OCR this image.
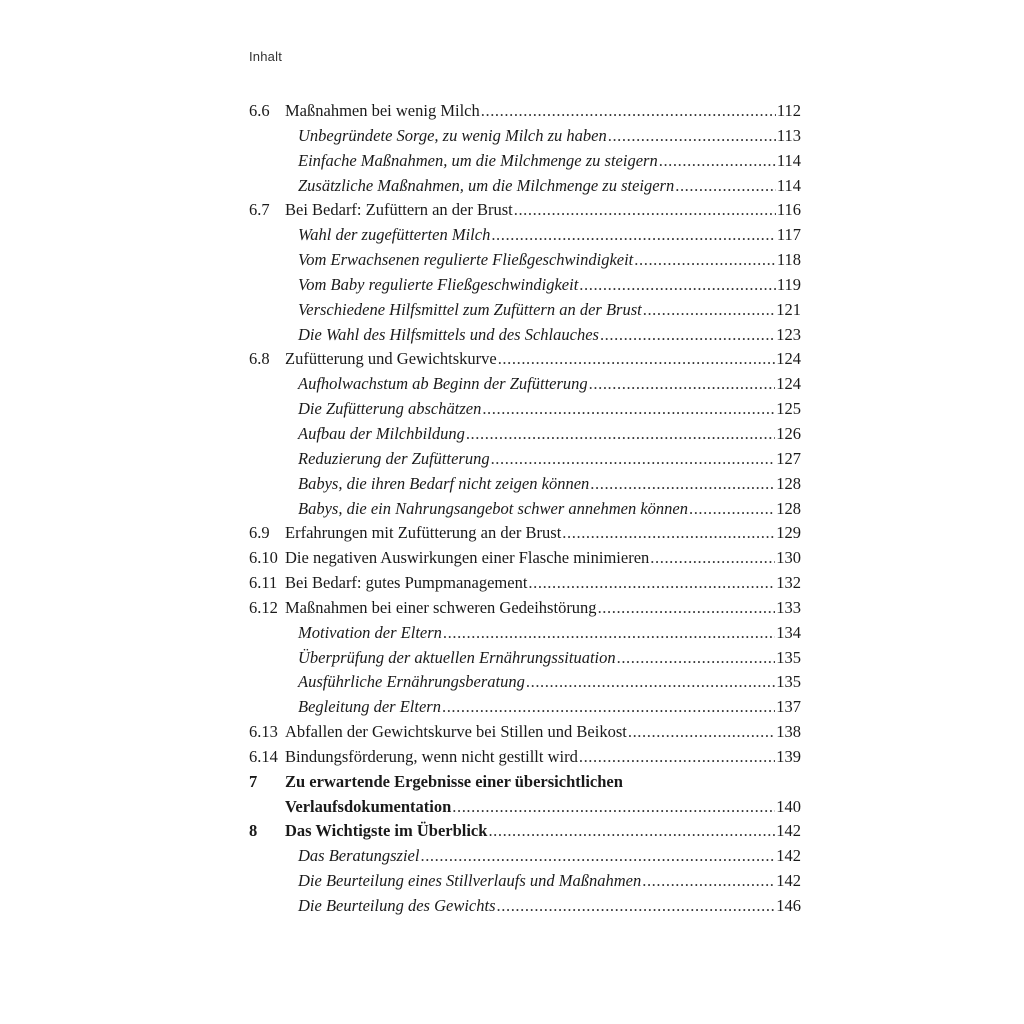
Inhalt
6.6 Maßnahmen bei wenig Milch .....	112
Unbegründete Sorge, zu wenig Milch zu haben .....	113
Einfache Maßnahmen, um die Milchmenge zu steigern .....	114
Zusätzliche Maßnahmen, um die Milchmenge zu steigern .....	114
6.7 Bei Bedarf: Zufüttern an der Brust .....	116
Wahl der zugefütterten Milch .....	117
Vom Erwachsenen regulierte Fließgeschwindigkeit .....	118
Vom Baby regulierte Fließgeschwindigkeit .....	119
Verschiedene Hilfsmittel zum Zufüttern an der Brust .....	121
Die Wahl des Hilfsmittels und des Schlauches .....	123
6.8 Zufütterung und Gewichtskurve .....	124
Aufholwachstum ab Beginn der Zufütterung .....	124
Die Zufütterung abschätzen .....	125
Aufbau der Milchbildung .....	126
Reduzierung der Zufütterung .....	127
Babys, die ihren Bedarf nicht zeigen können .....	128
Babys, die ein Nahrungsangebot schwer annehmen können .....	128
6.9 Erfahrungen mit Zufütterung an der Brust .....	129
6.10 Die negativen Auswirkungen einer Flasche minimieren .....	130
6.11 Bei Bedarf: gutes Pumpmanagement .....	132
6.12 Maßnahmen bei einer schweren Gedeihstörung .....	133
Motivation der Eltern .....	134
Überprüfung der aktuellen Ernährungssituation .....	135
Ausführliche Ernährungsberatung .....	135
Begleitung der Eltern .....	137
6.13 Abfallen der Gewichtskurve bei Stillen und Beikost .....	138
6.14 Bindungsförderung, wenn nicht gestillt wird .....	139
7 Zu erwartende Ergebnisse einer übersichtlichen
Verlaufsdokumentation .....	140
8 Das Wichtigste im Überblick .....	142
Das Beratungsziel .....	142
Die Beurteilung eines Stillverlaufs und Maßnahmen .....	142
Die Beurteilung des Gewichts .....	146
